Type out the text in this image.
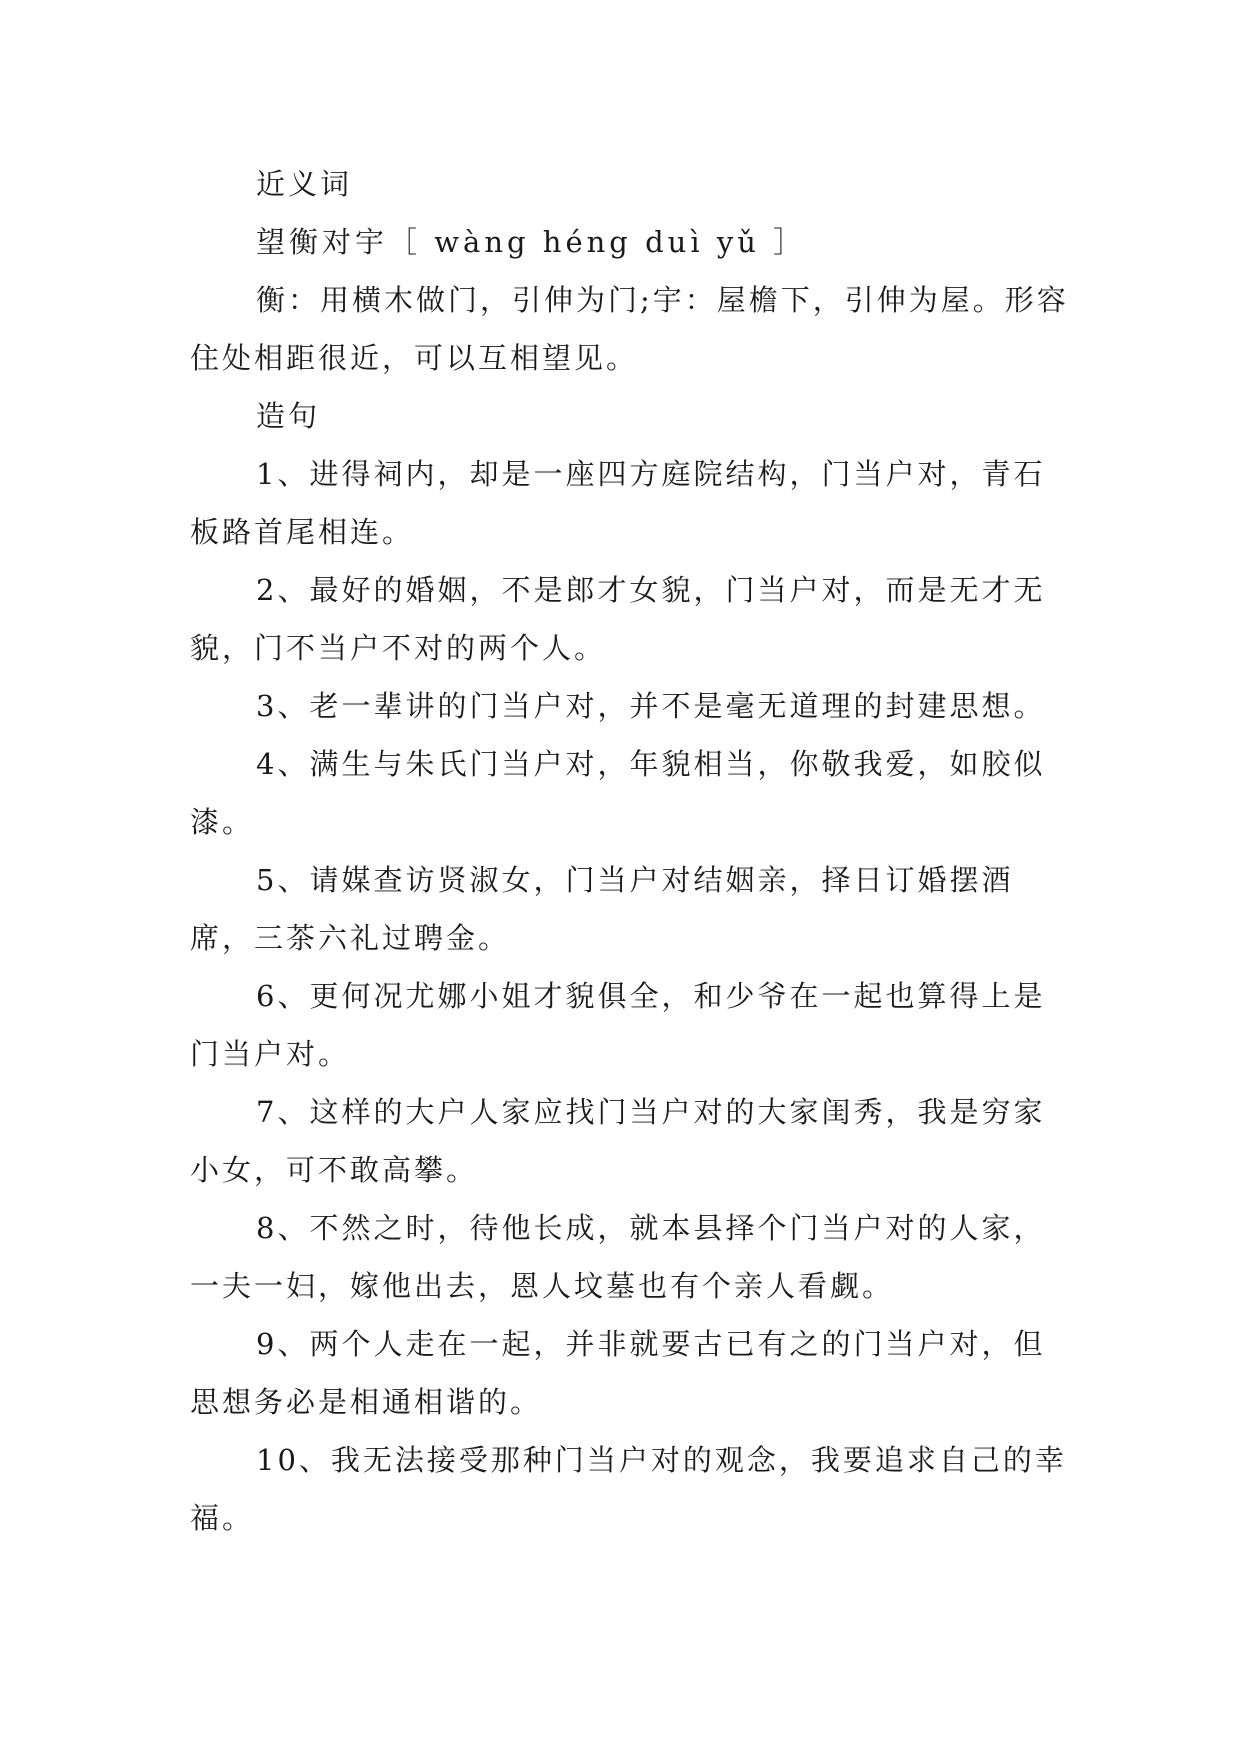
近义词

望衡对宇［ wàng héng duì yǔ ］

衡：用横木做门，引伸为门;宇：屋檐下，引伸为屋。形容住处相距很近，可以互相望见。

造句

1、进得祠内，却是一座四方庭院结构，门当户对，青石板路首尾相连。

2、最好的婚姻，不是郎才女貌，门当户对，而是无才无貌，门不当户不对的两个人。

3、老一辈讲的门当户对，并不是毫无道理的封建思想。

4、满生与朱氏门当户对，年貌相当，你敬我爱，如胶似漆。

5、请媒查访贤淑女，门当户对结姻亲，择日订婚摆酒席，三茶六礼过聘金。

6、更何况尤娜小姐才貌俱全，和少爷在一起也算得上是门当户对。

7、这样的大户人家应找门当户对的大家闺秀，我是穷家小女，可不敢高攀。

8、不然之时，待他长成，就本县择个门当户对的人家，一夫一妇，嫁他出去，恩人坟墓也有个亲人看觑。

9、两个人走在一起，并非就要古已有之的门当户对，但思想务必是相通相谐的。

10、我无法接受那种门当户对的观念，我要追求自己的幸福。
